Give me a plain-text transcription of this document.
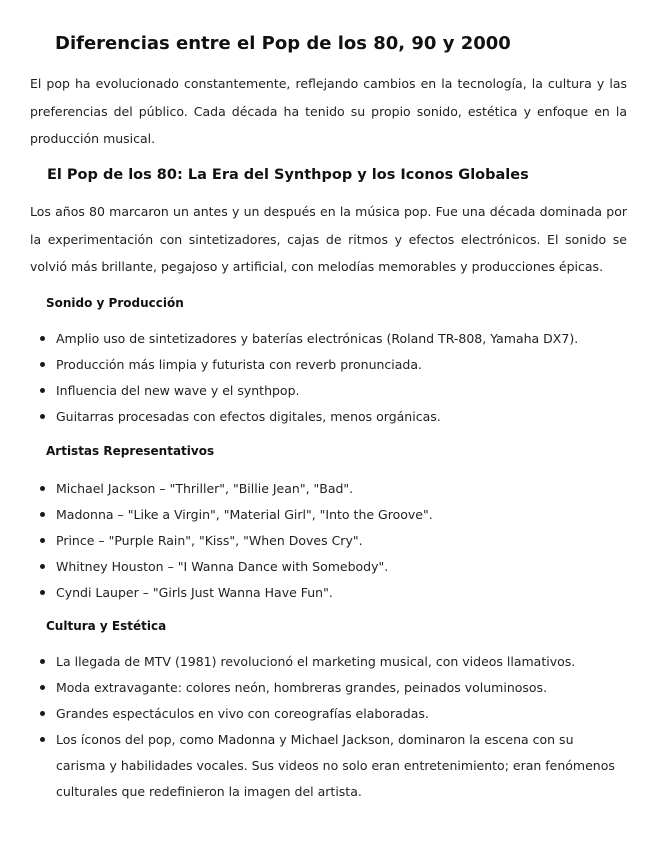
Diferencias entre el Pop de los 80, 90 y 2000

El pop ha evolucionado constantemente, reflejando cambios en la tecnología, la cultura y las preferencias del público. Cada década ha tenido su propio sonido, estética y enfoque en la producción musical.

El Pop de los 80: La Era del Synthpop y los Iconos Globales

Los años 80 marcaron un antes y un después en la música pop. Fue una década dominada por la experimentación con sintetizadores, cajas de ritmos y efectos electrónicos. El sonido se volvió más brillante, pegajoso y artificial, con melodías memorables y producciones épicas.

Sonido y Producción
Amplio uso de sintetizadores y baterías electrónicas (Roland TR-808, Yamaha DX7).
Producción más limpia y futurista con reverb pronunciada.
Influencia del new wave y el synthpop.
Guitarras procesadas con efectos digitales, menos orgánicas.
Artistas Representativos
Michael Jackson – "Thriller", "Billie Jean", "Bad".
Madonna – "Like a Virgin", "Material Girl", "Into the Groove".
Prince – "Purple Rain", "Kiss", "When Doves Cry".
Whitney Houston – "I Wanna Dance with Somebody".
Cyndi Lauper – "Girls Just Wanna Have Fun".
Cultura y Estética
La llegada de MTV (1981) revolucionó el marketing musical, con videos llamativos.
Moda extravagante: colores neón, hombreras grandes, peinados voluminosos.
Grandes espectáculos en vivo con coreografías elaboradas.
Los íconos del pop, como Madonna y Michael Jackson, dominaron la escena con su carisma y habilidades vocales. Sus videos no solo eran entretenimiento; eran fenómenos culturales que redefinieron la imagen del artista.
